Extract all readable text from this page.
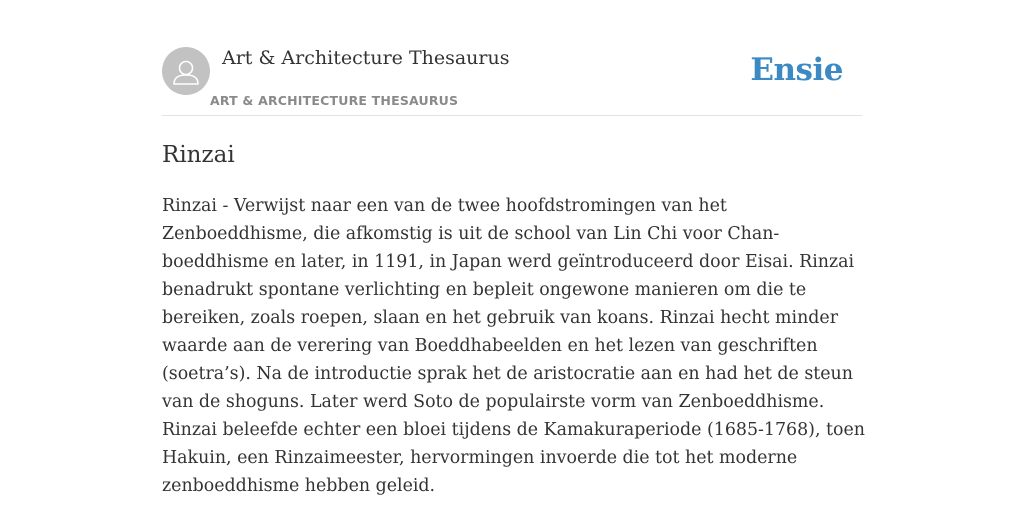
Art & Architecture Thesaurus
ART & ARCHITECTURE THESAURUS
Ensie
Rinzai

Rinzai - Verwijst naar een van de twee hoofdstromingen van het Zenboeddhisme, die afkomstig is uit de school van Lin Chi voor Chan-boeddhisme en later, in 1191, in Japan werd geïntroduceerd door Eisai. Rinzai benadrukt spontane verlichting en bepleit ongewone manieren om die te bereiken, zoals roepen, slaan en het gebruik van koans. Rinzai hecht minder waarde aan de verering van Boeddhabeelden en het lezen van geschriften (soetra’s). Na de introductie sprak het de aristocratie aan en had het de steun van de shoguns. Later werd Soto de populairste vorm van Zenboeddhisme. Rinzai beleefde echter een bloei tijdens de Kamakuraperiode (1685-1768), toen Hakuin, een Rinzaimeester, hervormingen invoerde die tot het moderne zenboeddhisme hebben geleid.
